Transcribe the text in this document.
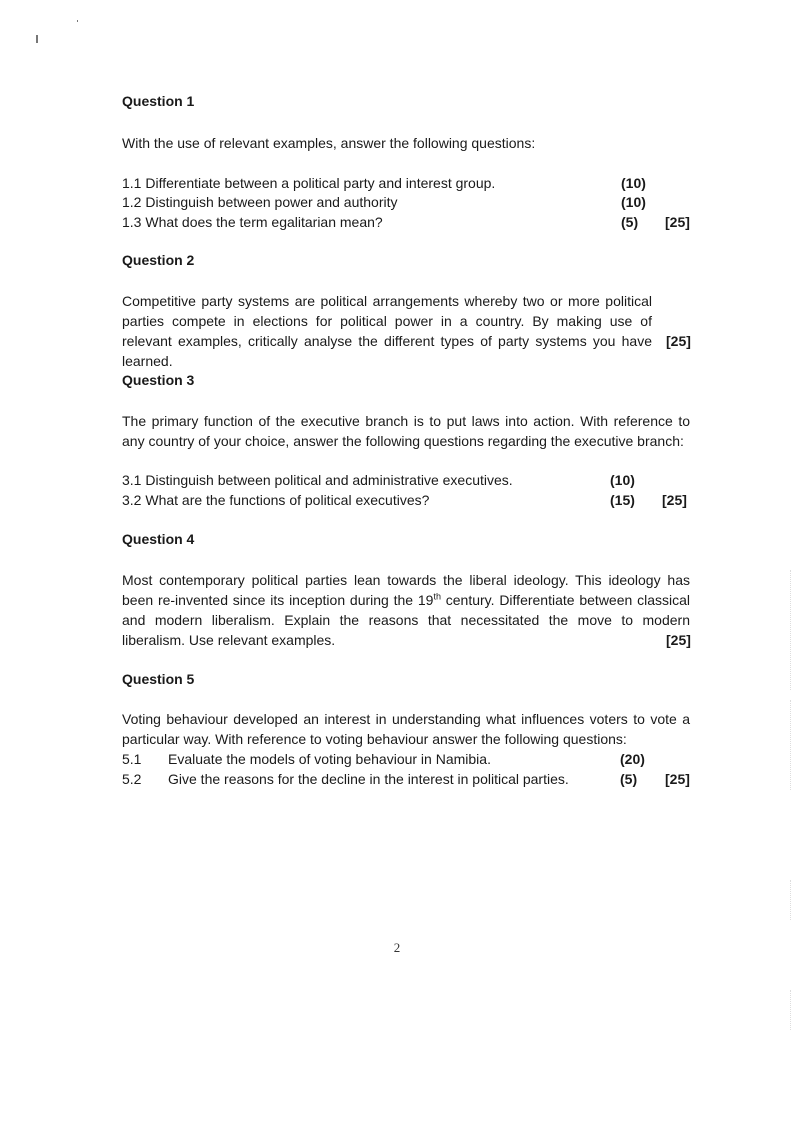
Question 1
With the use of relevant examples, answer the following questions:
1.1 Differentiate between a political party and interest group.	(10)
1.2 Distinguish between power and authority	(10)
1.3 What does the term egalitarian mean?	(5) [25]
Question 2
Competitive party systems are political arrangements whereby two or more political parties compete in elections for political power in a country. By making use of relevant examples, critically analyse the different types of party systems you have learned.
[25]
Question 3
The primary function of the executive branch is to put laws into action. With reference to any country of your choice, answer the following questions regarding the executive branch:
3.1 Distinguish between political and administrative executives.	(10)
3.2 What are the functions of political executives?	(15) [25]
Question 4
Most contemporary political parties lean towards the liberal ideology. This ideology has been re-invented since its inception during the 19th century. Differentiate between classical and modern liberalism. Explain the reasons that necessitated the move to modern liberalism. Use relevant examples.	[25]
Question 5
Voting behaviour developed an interest in understanding what influences voters to vote a particular way. With reference to voting behaviour answer the following questions:
5.1 Evaluate the models of voting behaviour in Namibia.	(20)
5.2 Give the reasons for the decline in the interest in political parties.	(5) [25]
2
